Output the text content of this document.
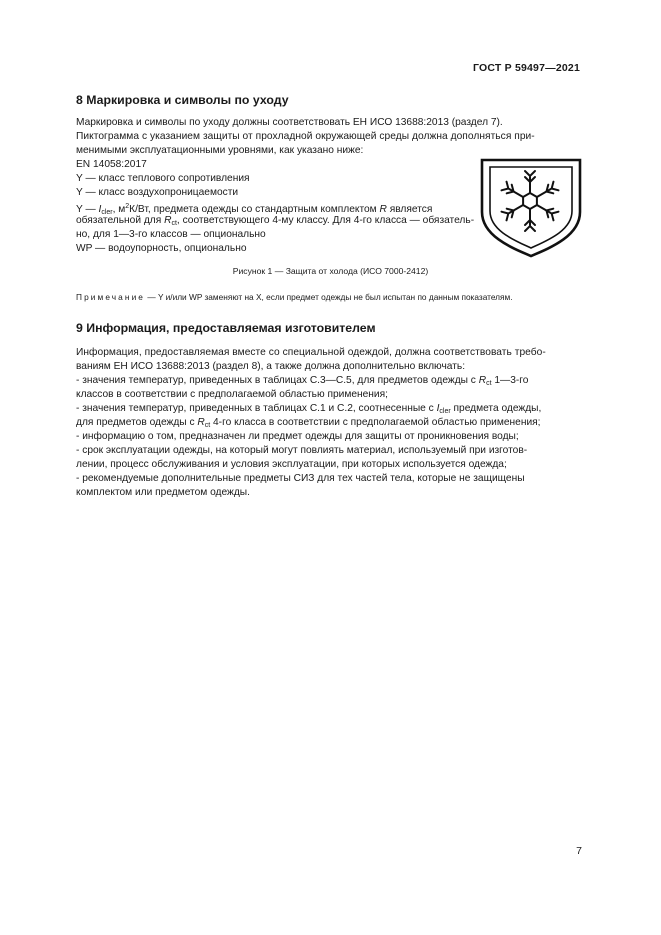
ГОСТ Р 59497—2021
8 Маркировка и символы по уходу
Маркировка и символы по уходу должны соответствовать ЕН ИСО 13688:2013 (раздел 7).
Пиктограмма с указанием защиты от прохладной окружающей среды должна дополняться при-
менимыми эксплуатационными уровнями, как указано ниже:
EN 14058:2017
Y — класс теплового сопротивления
Y — класс воздухопроницаемости
Y — $I_{cler}$, $м^2К/Вт$, предмета одежды со стандартным комплектом R является
обязательной для $R_{ct}$, соответствующего 4-му классу. Для 4-го класса — обязатель-
но, для 1—3-го классов — опционально
WP — водоупорность, опционально
Рисунок 1 — Защита от холода (ИСО 7000-2412)
Примечание — Y и/или WP заменяют на X, если предмет одежды не был испытан по данным показателям.
9 Информация, предоставляемая изготовителем
Информация, предоставляемая вместе со специальной одеждой, должна соответствовать требо-
ваниям ЕН ИСО 13688:2013 (раздел 8), а также должна дополнительно включать:
- значения температур, приведенных в таблицах С.3—С.5, для предметов одежды с $R_{ct}$ 1—3-го
классов в соответствии с предполагаемой областью применения;
- значения температур, приведенных в таблицах С.1 и С.2, соотнесенные с $I_{cler}$ предмета одежды,
для предметов одежды с $R_{ct}$ 4-го класса в соответствии с предполагаемой областью применения;
- информацию о том, предназначен ли предмет одежды для защиты от проникновения воды;
- срок эксплуатации одежды, на который могут повлиять материал, используемый при изготов-
лении, процесс обслуживания и условия эксплуатации, при которых используется одежда;
- рекомендуемые дополнительные предметы СИЗ для тех частей тела, которые не защищены
комплектом или предметом одежды.
7
